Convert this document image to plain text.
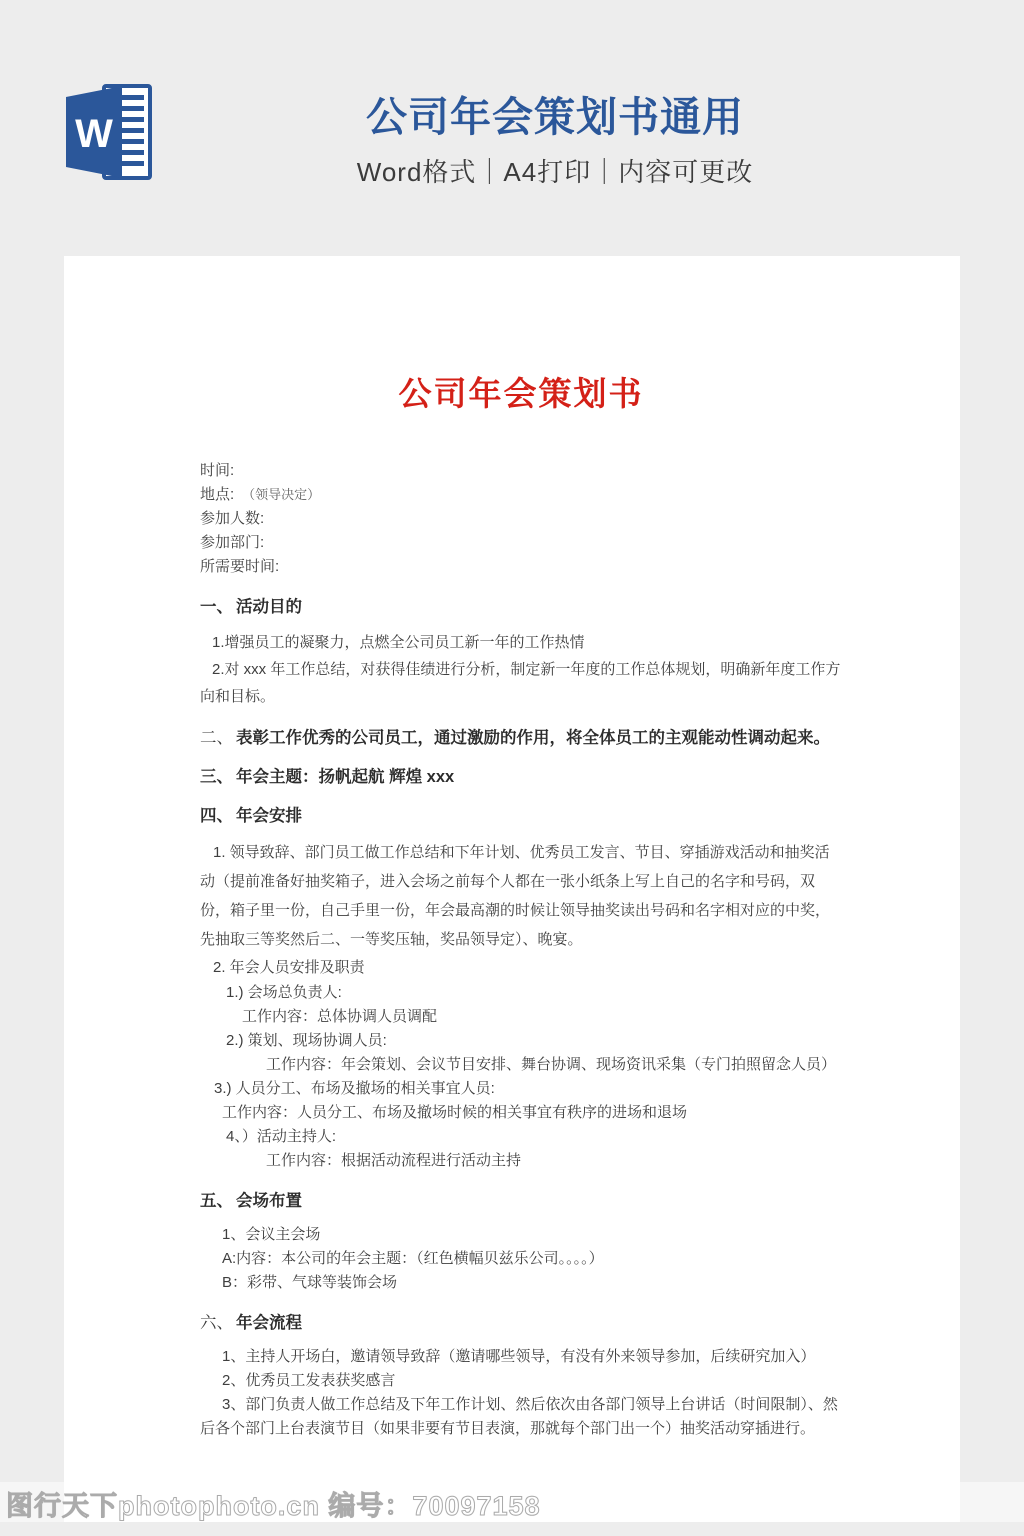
W	公司年会策划书通用
Word格式｜A4打印｜内容可更改
公司年会策划书
时间:
地点: （领导决定）
参加人数:
参加部门:
所需要时间:
一、 活动目的
1.增强员工的凝聚力，点燃全公司员工新一年的工作热情
2.对 xxx 年工作总结，对获得佳绩进行分析，制定新一年度的工作总体规划，明确新年度工作方向和目标。
二、 表彰工作优秀的公司员工，通过激励的作用，将全体员工的主观能动性调动起来。
三、 年会主题：扬帆起航 辉煌 xxx
四、 年会安排
1. 领导致辞、部门员工做工作总结和下年计划、优秀员工发言、节目、穿插游戏活动和抽奖活动（提前准备好抽奖箱子，进入会场之前每个人都在一张小纸条上写上自己的名字和号码，双份，箱子里一份，自己手里一份，年会最高潮的时候让领导抽奖读出号码和名字相对应的中奖，先抽取三等奖然后二、一等奖压轴，奖品领导定）、晚宴。
2. 年会人员安排及职责
1.) 会场总负责人:
工作内容：总体协调人员调配
2.) 策划、现场协调人员:
工作内容：年会策划、会议节目安排、舞台协调、现场资讯采集（专门拍照留念人员）
3.) 人员分工、布场及撤场的相关事宜人员:
工作内容：人员分工、布场及撤场时候的相关事宜有秩序的进场和退场
4、）活动主持人:
工作内容：根据活动流程进行活动主持
五、 会场布置
1、会议主会场
A:内容：本公司的年会主题：（红色横幅贝兹乐公司。。。。）
B：彩带、气球等装饰会场
六、 年会流程
1、主持人开场白，邀请领导致辞（邀请哪些领导，有没有外来领导参加，后续研究加入）
2、优秀员工发表获奖感言
3、部门负责人做工作总结及下年工作计划、然后依次由各部门领导上台讲话（时间限制）、然后各个部门上台表演节目（如果非要有节目表演，那就每个部门出一个）抽奖活动穿插进行。
图行天下photophoto.cn 编号：70097158
